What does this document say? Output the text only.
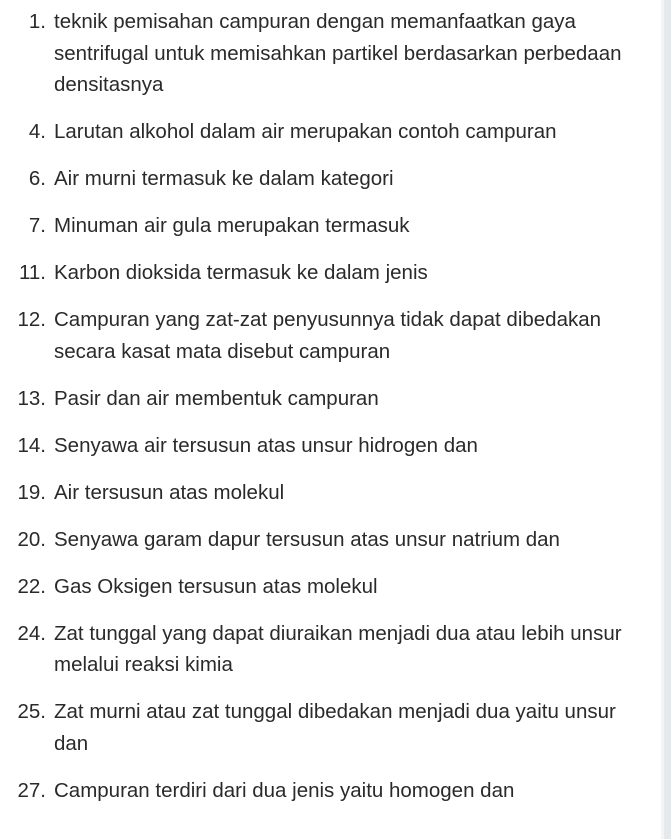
1. teknik pemisahan campuran dengan memanfaatkan gaya sentrifugal untuk memisahkan partikel berdasarkan perbedaan densitasnya
4. Larutan alkohol dalam air merupakan contoh campuran
6. Air murni termasuk ke dalam kategori
7. Minuman air gula merupakan termasuk
11. Karbon dioksida termasuk ke dalam jenis
12. Campuran yang zat-zat penyusunnya tidak dapat dibedakan secara kasat mata disebut campuran
13. Pasir dan air membentuk campuran
14. Senyawa air tersusun atas unsur hidrogen dan
19. Air tersusun atas molekul
20. Senyawa garam dapur tersusun atas unsur natrium dan
22. Gas Oksigen tersusun atas molekul
24. Zat tunggal yang dapat diuraikan menjadi dua atau lebih unsur melalui reaksi kimia
25. Zat murni atau zat tunggal dibedakan menjadi dua yaitu unsur dan
27. Campuran terdiri dari dua jenis yaitu homogen dan
